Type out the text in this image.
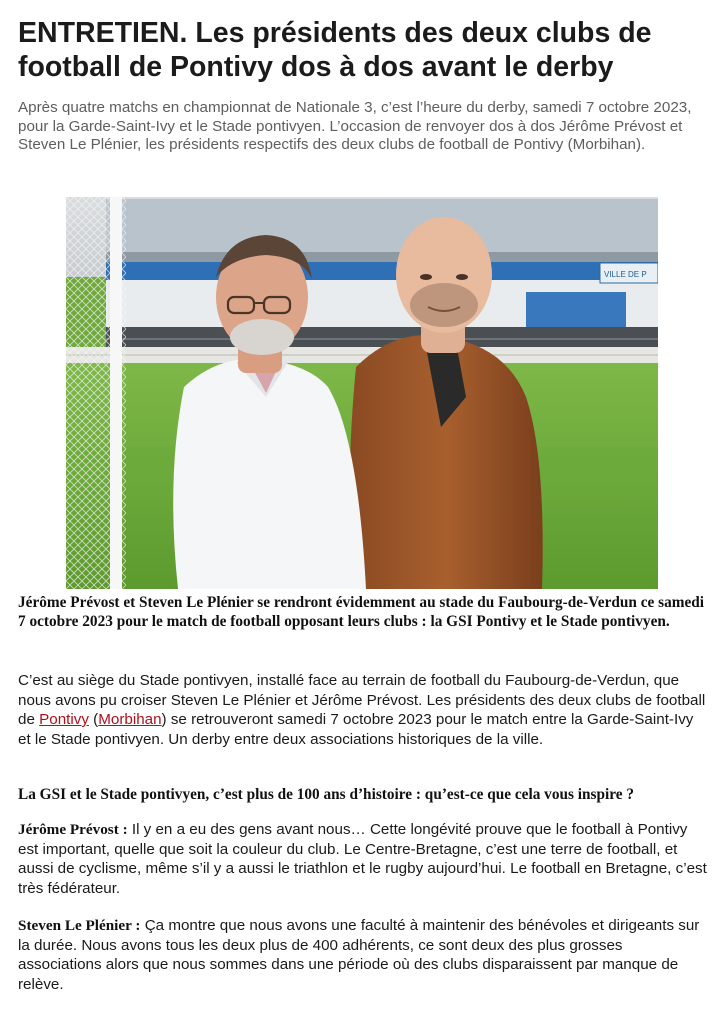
ENTRETIEN. Les présidents des deux clubs de football de Pontivy dos à dos avant le derby

Après quatre matchs en championnat de Nationale 3, c’est l’heure du derby, samedi 7 octobre 2023, pour la Garde-Saint-Ivy et le Stade pontivyen. L’occasion de renvoyer dos à dos Jérôme Prévost et Steven Le Plénier, les présidents respectifs des deux clubs de football de Pontivy (Morbihan).

VILLE DE P

Jérôme Prévost et Steven Le Plénier se rendront évidemment au stade du Faubourg-de-Verdun ce samedi 7 octobre 2023 pour le match de football opposant leurs clubs : la GSI Pontivy et le Stade pontivyen.

C’est au siège du Stade pontivyen, installé face au terrain de football du Faubourg-de-Verdun, que nous avons pu croiser Steven Le Plénier et Jérôme Prévost. Les présidents des deux clubs de football de Pontivy (Morbihan) se retrouveront samedi 7 octobre 2023 pour le match entre la Garde-Saint-Ivy et le Stade pontivyen. Un derby entre deux associations historiques de la ville.

La GSI et le Stade pontivyen, c’est plus de 100 ans d’histoire : qu’est-ce que cela vous inspire ?

Jérôme Prévost : Il y en a eu des gens avant nous… Cette longévité prouve que le football à Pontivy est important, quelle que soit la couleur du club. Le Centre-Bretagne, c’est une terre de football, et aussi de cyclisme, même s’il y a aussi le triathlon et le rugby aujourd’hui. Le football en Bretagne, c’est très fédérateur.

Steven Le Plénier : Ça montre que nous avons une faculté à maintenir des bénévoles et dirigeants sur la durée. Nous avons tous les deux plus de 400 adhérents, ce sont deux des plus grosses associations alors que nous sommes dans une période où des clubs disparaissent par manque de relève.
